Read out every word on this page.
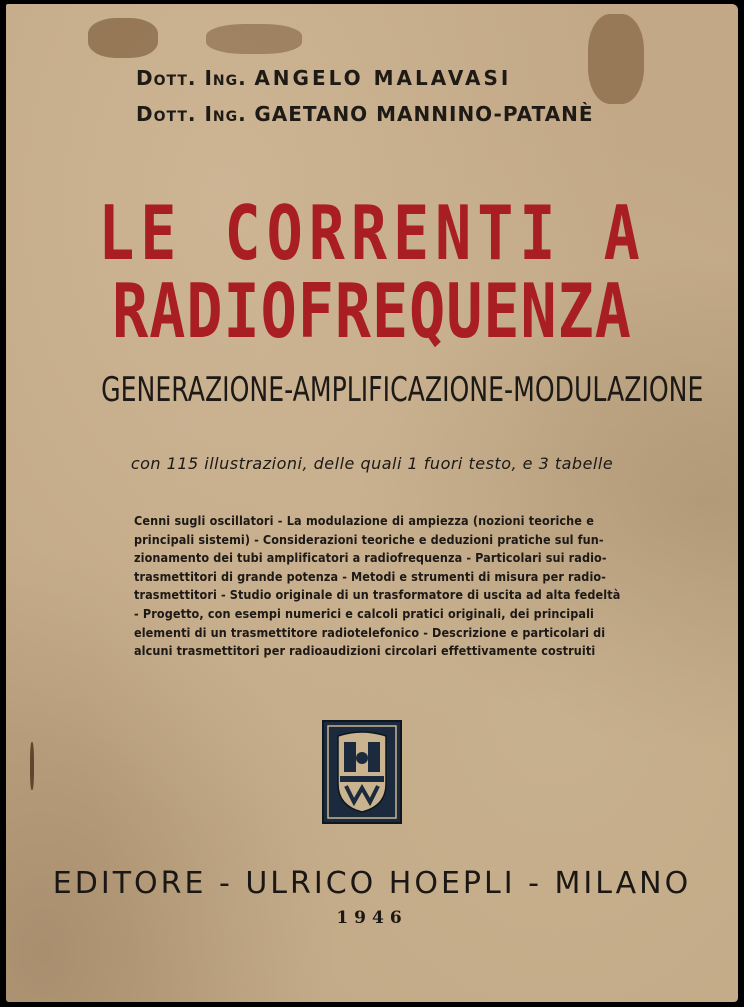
Dott. Ing. ANGELO MALAVASI
Dott. Ing. GAETANO MANNINO-PATANÈ
LE CORRENTI A
RADIOFREQUENZA
GENERAZIONE-AMPLIFICAZIONE-MODULAZIONE
con 115 illustrazioni, delle quali 1 fuori testo, e 3 tabelle
Cenni sugli oscillatori - La modulazione di ampiezza (nozioni teoriche e
principali sistemi) - Considerazioni teoriche e deduzioni pratiche sul fun-
zionamento dei tubi amplificatori a radiofrequenza - Particolari sui radio-
trasmettitori di grande potenza - Metodi e strumenti di misura per radio-
trasmettitori - Studio originale di un trasformatore di uscita ad alta fedeltà
- Progetto, con esempi numerici e calcoli pratici originali, dei principali
elementi di un trasmettitore radiotelefonico - Descrizione e particolari di
alcuni trasmettitori per radioaudizioni circolari effettivamente costruiti
EDITORE - ULRICO HOEPLI - MILANO
1946
